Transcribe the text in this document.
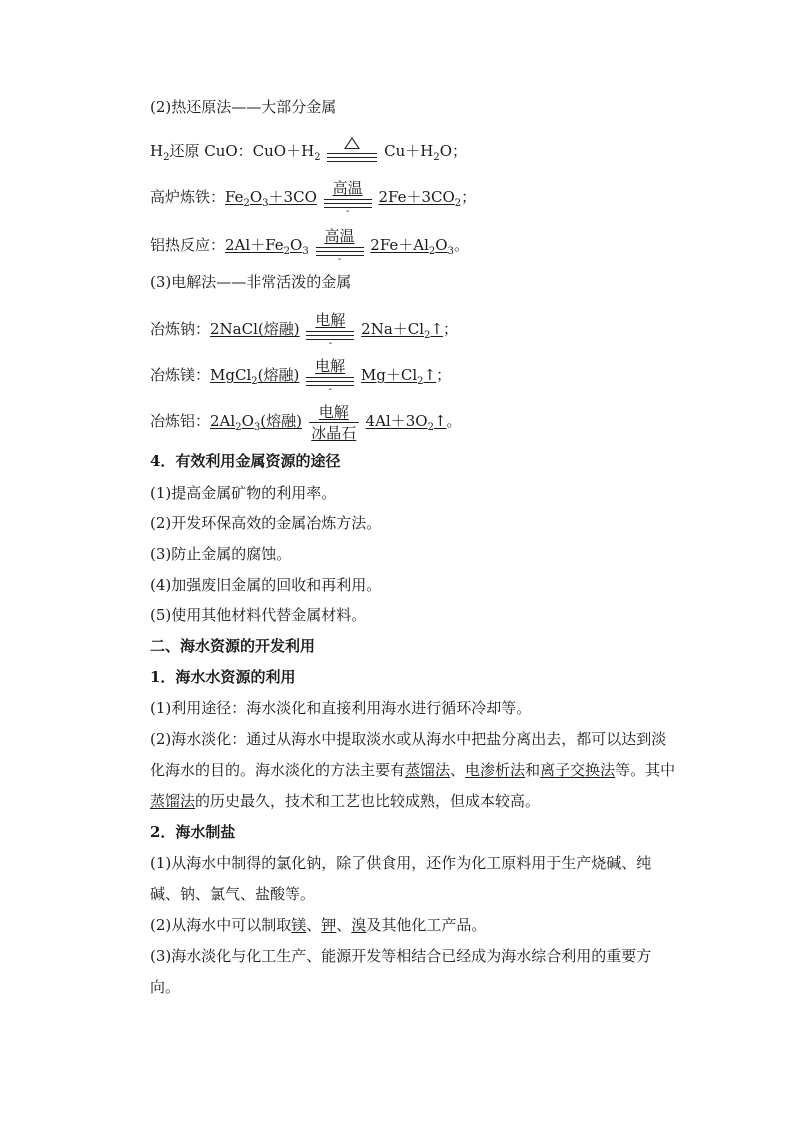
(2)热还原法——大部分金属
$H_2$还原 CuO：$CuO+H_2$	$Cu+H_2O$；
高炉炼铁：$Fe_2O_3+3CO$	高温
-
$2Fe+3CO_2$；
铝热反应：$2Al+Fe_2O_3$
高温
-
$2Fe+Al_2O_3$。
(3)电解法——非常活泼的金属
冶炼钠：2NaCl(熔融)	电解
-
$2Na+Cl_2↑$；
冶炼镁：MgCl$_2$(熔融)	电解
-
$Mg+Cl_2↑$；
冶炼铝：$2Al_2O_3$(熔融)	电解
冰晶石
$4Al+3O_2↑$。
4．有效利用金属资源的途径
(1)提高金属矿物的利用率。
(2)开发环保高效的金属冶炼方法。
(3)防止金属的腐蚀。
(4)加强废旧金属的回收和再利用。
(5)使用其他材料代替金属材料。
二、海水资源的开发利用
1．海水水资源的利用
(1)利用途径：海水淡化和直接利用海水进行循环冷却等。
(2)海水淡化：通过从海水中提取淡水或从海水中把盐分离出去，都可以达到淡化海水的目的。海水淡化的方法主要有蒸馏法、电渗析法和离子交换法等。其中蒸馏法的历史最久，技术和工艺也比较成熟，但成本较高。
2．海水制盐
(1)从海水中制得的氯化钠，除了供食用，还作为化工原料用于生产烧碱、纯碱、钠、氯气、盐酸等。
(2)从海水中可以制取镁、钾、溴及其他化工产品。
(3)海水淡化与化工生产、能源开发等相结合已经成为海水综合利用的重要方向。
